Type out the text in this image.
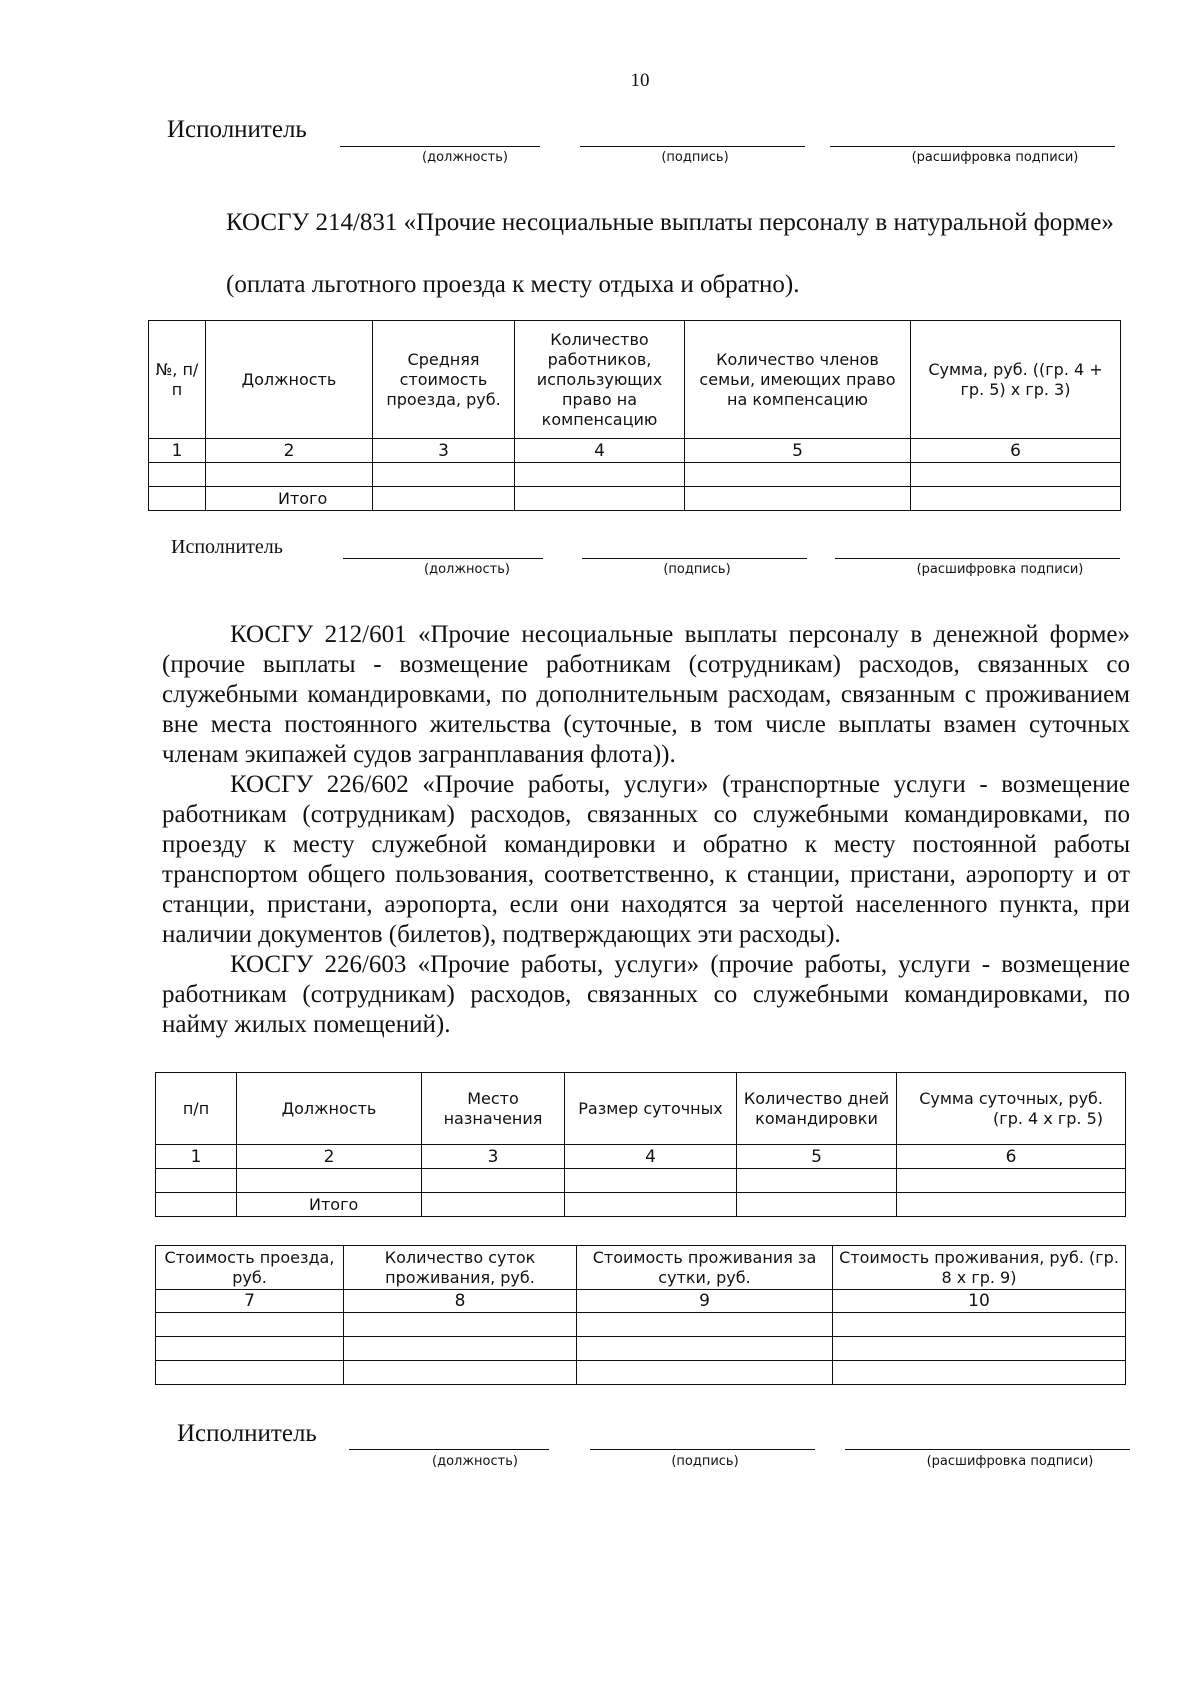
10
Исполнитель
(должность)	(подпись)	(расшифровка подписи)
КОСГУ 214/831 «Прочие несоциальные выплаты персоналу в натуральной форме»
(оплата льготного проезда к месту отдыха и обратно).
№, п/п	Должность	Средняя стоимость проезда, руб.	Количество работников, использующих право на компенсацию	Количество членов семьи, имеющих право на компенсацию	Сумма, руб. ((гр. 4 + гр. 5) х гр. 3)
1	2	3	4	5	6

	Итого				
Исполнитель
(должность)	(подпись)	(расшифровка подписи)
КОСГУ 212/601 «Прочие несоциальные выплаты персоналу в денежной форме» (прочие выплаты - возмещение работникам (сотрудникам) расходов, связанных со служебными командировками, по дополнительным расходам, связанным с проживанием вне места постоянного жительства (суточные, в том числе выплаты взамен суточных членам экипажей судов загранплавания флота)).
КОСГУ 226/602 «Прочие работы, услуги» (транспортные услуги - возмещение работникам (сотрудникам) расходов, связанных со служебными командировками, по проезду к месту служебной командировки и обратно к месту постоянной работы транспортом общего пользования, соответственно, к станции, пристани, аэропорту и от станции, пристани, аэропорта, если они находятся за чертой населенного пункта, при наличии документов (билетов), подтверждающих эти расходы).
КОСГУ 226/603 «Прочие работы, услуги» (прочие работы, услуги - возмещение работникам (сотрудникам) расходов, связанных со служебными командировками, по найму жилых помещений).
п/п	Должность	Место назначения	Размер суточных	Количество дней командировки	Сумма суточных, руб. (гр. 4 х гр. 5)
1	2	3	4	5	6

	Итого				
Стоимость проезда, руб.	Количество суток проживания, руб.	Стоимость проживания за сутки, руб.	Стоимость проживания, руб. (гр. 8 х гр. 9)
7	8	9	10

Исполнитель
(должность)	(подпись)	(расшифровка подписи)
